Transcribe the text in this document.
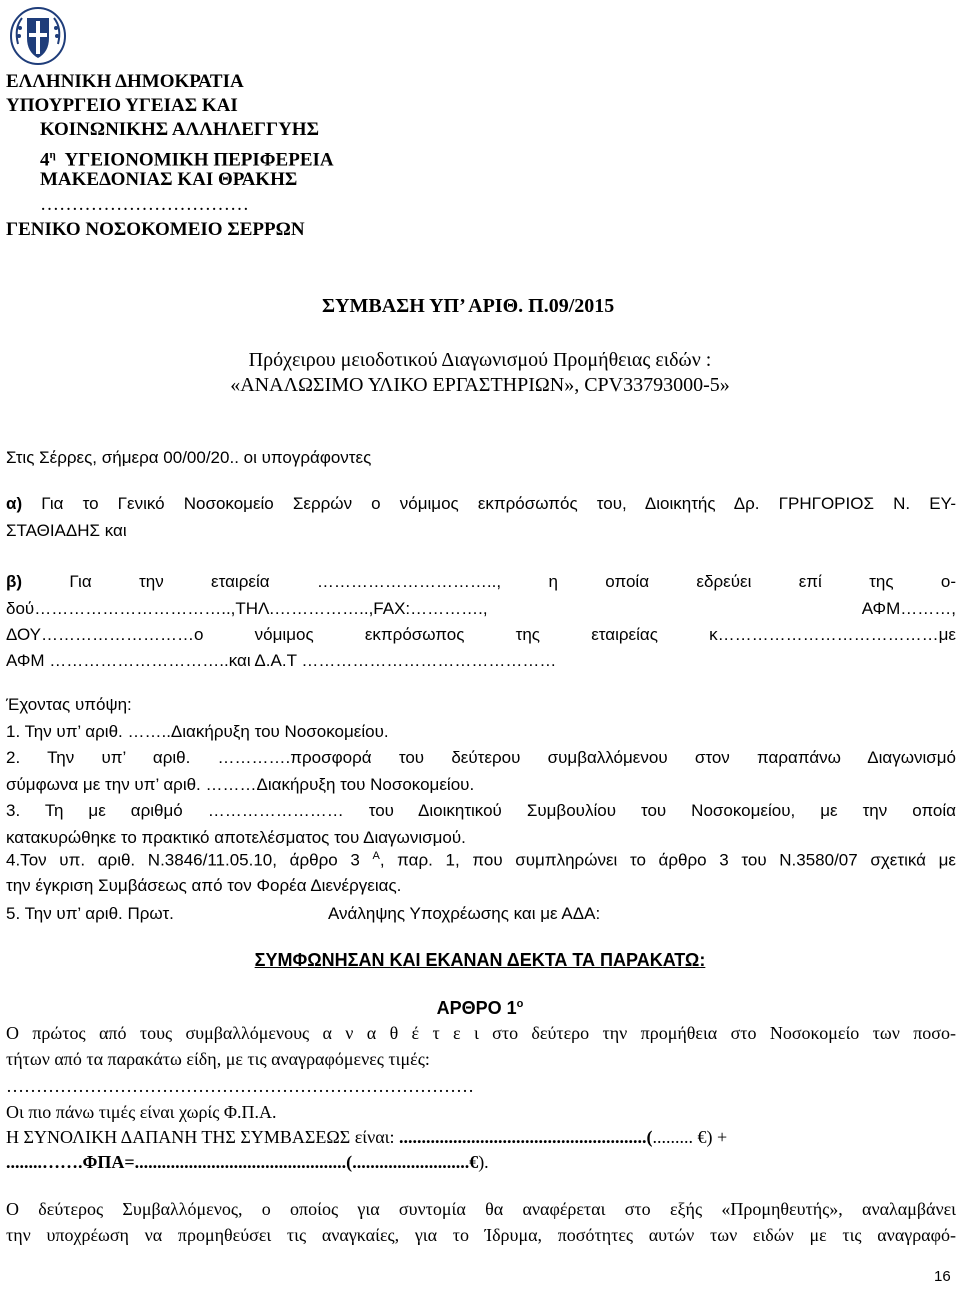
ΕΛΛΗΝΙΚΗ ΔΗΜΟΚΡΑΤΙΑ
ΥΠΟΥΡΓΕΙΟ ΥΓΕΙΑΣ ΚΑΙ
ΚΟΙΝΩΝΙΚΗΣ ΑΛΛΗΛΕΓΓΥΗΣ
$4^\eta$ ΥΓΕΙΟΝΟΜΙΚΗ ΠΕΡΙΦΕΡΕΙΑ
ΜΑΚΕΔΟΝΙΑΣ ΚΑΙ ΘΡΑΚΗΣ
……………………………
ΓΕΝΙΚΟ ΝΟΣΟΚΟΜΕΙΟ ΣΕΡΡΩΝ
ΣΥΜΒΑΣΗ ΥΠ’ ΑΡΙΘ. Π.09/2015
Πρόχειρου μειοδοτικού Διαγωνισμού Προμήθειας ειδών :
«ΑΝΑΛΩΣΙΜΟ ΥΛΙΚΟ ΕΡΓΑΣΤΗΡΙΩΝ», CPV33793000-5»
Στις Σέρρες, σήμερα 00/00/20.. οι υπογράφοντες
α) Για το Γενικό Νοσοκομείο Σερρών ο νόμιμος εκπρόσωπός του, Διοικητής Δρ. ΓΡΗΓΟΡΙΟΣ Ν. ΕΥ-
ΣΤΑΘΙΑΔΗΣ και
β)	Για την εταιρεία ………………………….., η οποία εδρεύει επί της ο-
δού……………………………..,ΤΗΛ.……………..,FAX:…………., ΑΦΜ………,
ΔΟΥ………………………ο νόμιμος εκπρόσωπος της εταιρείας κ…………………………………με
ΑΦΜ …………………………..και Δ.Α.Τ ………………………………………
Έχοντας υπόψη:
1. Την υπ’ αριθ. ……..Διακήρυξη του Νοσοκομείου.
2. Την υπ’ αριθ. ………….προσφορά του δεύτερου συμβαλλόμενου στον παραπάνω Διαγωνισμό
σύμφωνα με την υπ’ αριθ. ………Διακήρυξη του Νοσοκομείου.
3. Τη με αριθμό …………………… του Διοικητικού Συμβουλίου του Νοσοκομείου, με την οποία
κατακυρώθηκε το πρακτικό αποτελέσματος του Διαγωνισμού.
4.Τον υπ. αριθ. Ν.3846/11.05.10, άρθρο 3 $^A$, παρ. 1, που συμπληρώνει το άρθρο 3 του Ν.3580/07 σχετικά με
την έγκριση Συμβάσεως από τον Φορέα Διενέργειας.
5. Την υπ’ αριθ. Πρωτ.	Ανάληψης Υποχρέωσης και με ΑΔΑ:
ΣΥΜΦΩΝΗΣΑΝ ΚΑΙ ΕΚΑΝΑΝ ΔΕΚΤΑ ΤΑ ΠΑΡΑΚΑΤΩ:
ΑΡΘΡΟ $1^o$
Ο πρώτος από τους συμβαλλόμενους α ν α θ έ τ ε ι στο δεύτερο την προμήθεια στο Νοσοκομείο των ποσο-
τήτων από τα παρακάτω είδη, με τις αναγραφόμενες τιμές:
……………………………………………………………………
Οι πιο πάνω τιμές είναι χωρίς Φ.Π.Α.
Η ΣΥΝΟΛΙΚΗ ΔΑΠΑΝΗ ΤΗΣ ΣΥΜΒΑΣΕΩΣ είναι: .......................................................(......... €) +
........…….ΦΠΑ=...............................................(..........................€).
Ο δεύτερος Συμβαλλόμενος, ο οποίος για συντομία θα αναφέρεται στο εξής «Προμηθευτής», αναλαμβάνει
την υποχρέωση να προμηθεύσει τις αναγκαίες, για το Ίδρυμα, ποσότητες αυτών των ειδών με τις αναγραφό-
16
